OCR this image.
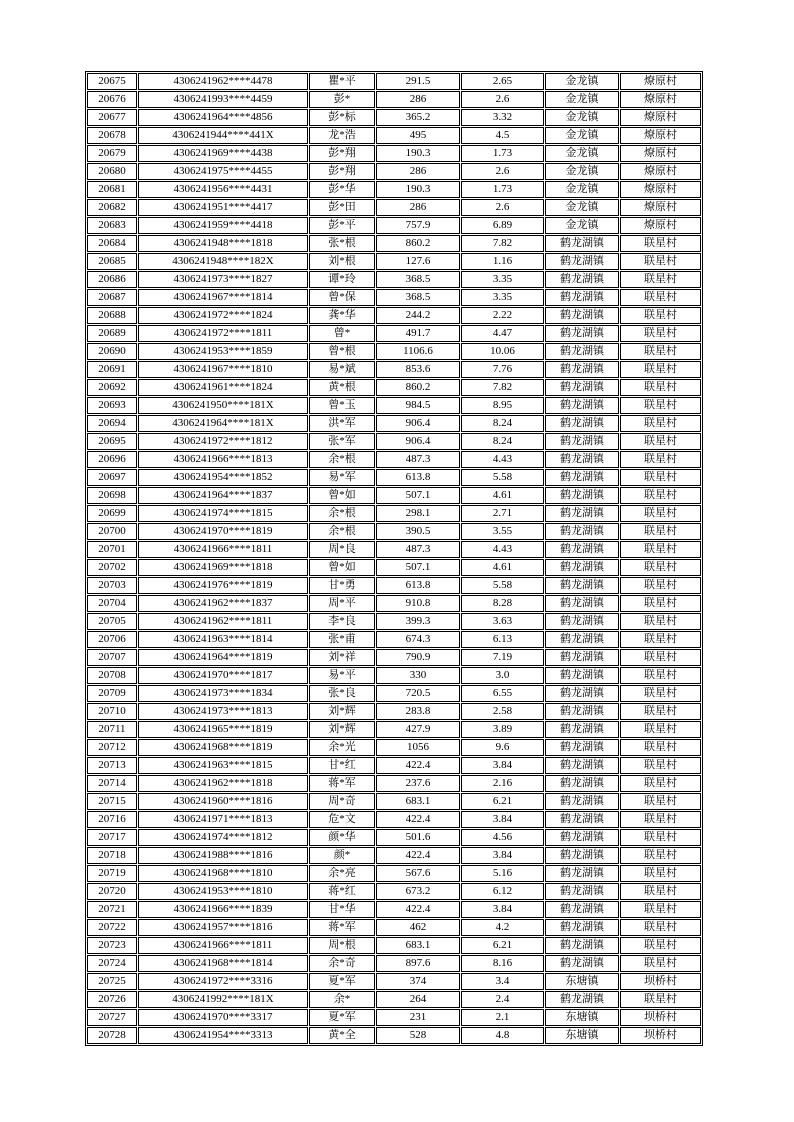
20675	4306241962****4478	瞿*平	291.5	2.65	金龙镇	燎原村
20676	4306241993****4459	彭*	286	2.6	金龙镇	燎原村
20677	4306241964****4856	彭*标	365.2	3.32	金龙镇	燎原村
20678	4306241944****441X	龙*浩	495	4.5	金龙镇	燎原村
20679	4306241969****4438	彭*翔	190.3	1.73	金龙镇	燎原村
20680	4306241975****4455	彭*翔	286	2.6	金龙镇	燎原村
20681	4306241956****4431	彭*华	190.3	1.73	金龙镇	燎原村
20682	4306241951****4417	彭*田	286	2.6	金龙镇	燎原村
20683	4306241959****4418	彭*平	757.9	6.89	金龙镇	燎原村
20684	4306241948****1818	张*根	860.2	7.82	鹤龙湖镇	联星村
20685	4306241948****182X	刘*根	127.6	1.16	鹤龙湖镇	联星村
20686	4306241973****1827	谭*玲	368.5	3.35	鹤龙湖镇	联星村
20687	4306241967****1814	曾*保	368.5	3.35	鹤龙湖镇	联星村
20688	4306241972****1824	龚*华	244.2	2.22	鹤龙湖镇	联星村
20689	4306241972****1811	曾*	491.7	4.47	鹤龙湖镇	联星村
20690	4306241953****1859	曾*根	1106.6	10.06	鹤龙湖镇	联星村
20691	4306241967****1810	易*斌	853.6	7.76	鹤龙湖镇	联星村
20692	4306241961****1824	黄*根	860.2	7.82	鹤龙湖镇	联星村
20693	4306241950****181X	曾*玉	984.5	8.95	鹤龙湖镇	联星村
20694	4306241964****181X	洪*军	906.4	8.24	鹤龙湖镇	联星村
20695	4306241972****1812	张*军	906.4	8.24	鹤龙湖镇	联星村
20696	4306241966****1813	余*根	487.3	4.43	鹤龙湖镇	联星村
20697	4306241954****1852	易*军	613.8	5.58	鹤龙湖镇	联星村
20698	4306241964****1837	曾*如	507.1	4.61	鹤龙湖镇	联星村
20699	4306241974****1815	余*根	298.1	2.71	鹤龙湖镇	联星村
20700	4306241970****1819	余*根	390.5	3.55	鹤龙湖镇	联星村
20701	4306241966****1811	周*良	487.3	4.43	鹤龙湖镇	联星村
20702	4306241969****1818	曾*如	507.1	4.61	鹤龙湖镇	联星村
20703	4306241976****1819	甘*勇	613.8	5.58	鹤龙湖镇	联星村
20704	4306241962****1837	周*平	910.8	8.28	鹤龙湖镇	联星村
20705	4306241962****1811	李*良	399.3	3.63	鹤龙湖镇	联星村
20706	4306241963****1814	张*甫	674.3	6.13	鹤龙湖镇	联星村
20707	4306241964****1819	刘*祥	790.9	7.19	鹤龙湖镇	联星村
20708	4306241970****1817	易*平	330	3.0	鹤龙湖镇	联星村
20709	4306241973****1834	张*良	720.5	6.55	鹤龙湖镇	联星村
20710	4306241973****1813	刘*辉	283.8	2.58	鹤龙湖镇	联星村
20711	4306241965****1819	刘*辉	427.9	3.89	鹤龙湖镇	联星村
20712	4306241968****1819	余*光	1056	9.6	鹤龙湖镇	联星村
20713	4306241963****1815	甘*红	422.4	3.84	鹤龙湖镇	联星村
20714	4306241962****1818	蒋*军	237.6	2.16	鹤龙湖镇	联星村
20715	4306241960****1816	周*奇	683.1	6.21	鹤龙湖镇	联星村
20716	4306241971****1813	危*文	422.4	3.84	鹤龙湖镇	联星村
20717	4306241974****1812	颜*华	501.6	4.56	鹤龙湖镇	联星村
20718	4306241988****1816	颜*	422.4	3.84	鹤龙湖镇	联星村
20719	4306241968****1810	余*亮	567.6	5.16	鹤龙湖镇	联星村
20720	4306241953****1810	蒋*红	673.2	6.12	鹤龙湖镇	联星村
20721	4306241966****1839	甘*华	422.4	3.84	鹤龙湖镇	联星村
20722	4306241957****1816	蒋*军	462	4.2	鹤龙湖镇	联星村
20723	4306241966****1811	周*根	683.1	6.21	鹤龙湖镇	联星村
20724	4306241968****1814	余*奇	897.6	8.16	鹤龙湖镇	联星村
20725	4306241972****3316	夏*军	374	3.4	东塘镇	坝桥村
20726	4306241992****181X	余*	264	2.4	鹤龙湖镇	联星村
20727	4306241970****3317	夏*军	231	2.1	东塘镇	坝桥村
20728	4306241954****3313	黄*全	528	4.8	东塘镇	坝桥村
